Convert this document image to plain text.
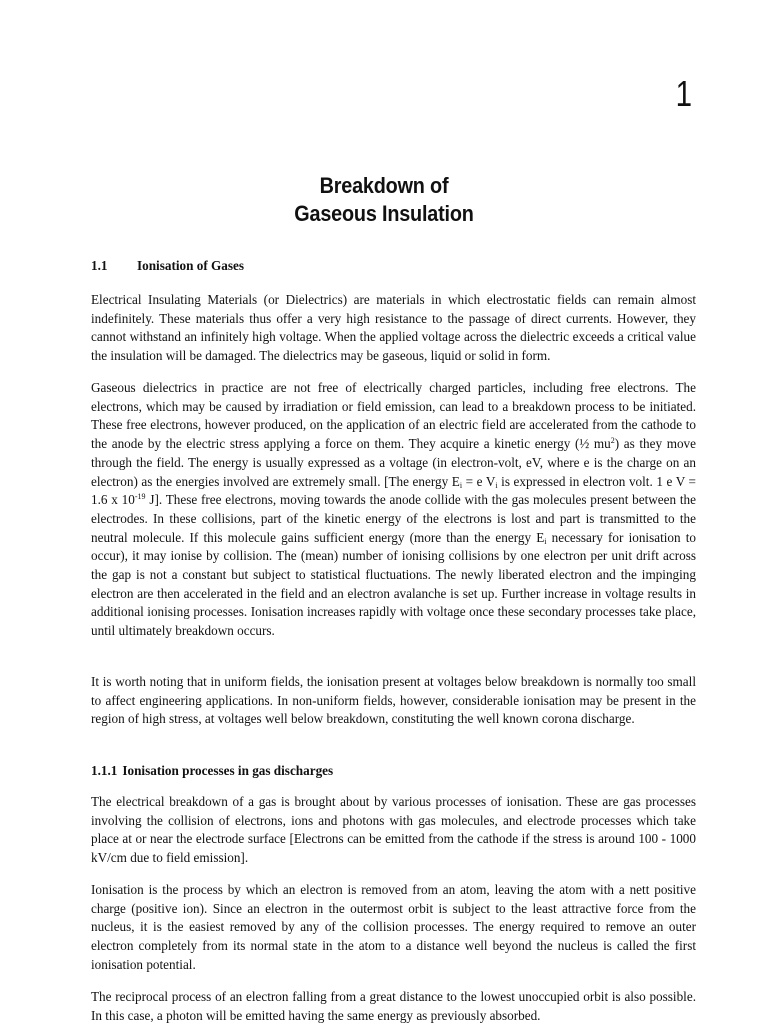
1
Breakdown of
Gaseous Insulation
1.1 Ionisation of Gases

Electrical Insulating Materials (or Dielectrics) are materials in which electrostatic fields can remain almost indefinitely. These materials thus offer a very high resistance to the passage of direct currents. However, they cannot withstand an infinitely high voltage. When the applied voltage across the dielectric exceeds a critical value the insulation will be damaged. The dielectrics may be gaseous, liquid or solid in form.

Gaseous dielectrics in practice are not free of electrically charged particles, including free electrons. The electrons, which may be caused by irradiation or field emission, can lead to a breakdown process to be initiated. These free electrons, however produced, on the application of an electric field are accelerated from the cathode to the anode by the electric stress applying a force on them. They acquire a kinetic energy (½ $mu^2$) as they move through the field. The energy is usually expressed as a voltage (in electron-volt, eV, where e is the charge on an electron) as the energies involved are extremely small. [The energy $E_i = e$ $V_i$ is expressed in electron volt. 1 e V = 1.6 x $10^{-19}$ J]. These free electrons, moving towards the anode collide with the gas molecules present between the electrodes. In these collisions, part of the kinetic energy of the electrons is lost and part is transmitted to the neutral molecule. If this molecule gains sufficient energy (more than the energy $E_i$ necessary for ionisation to occur), it may ionise by collision. The (mean) number of ionising collisions by one electron per unit drift across the gap is not a constant but subject to statistical fluctuations. The newly liberated electron and the impinging electron are then accelerated in the field and an electron avalanche is set up. Further increase in voltage results in additional ionising processes. Ionisation increases rapidly with voltage once these secondary processes take place, until ultimately breakdown occurs.

It is worth noting that in uniform fields, the ionisation present at voltages below breakdown is normally too small to affect engineering applications. In non-uniform fields, however, considerable ionisation may be present in the region of high stress, at voltages well below breakdown, constituting the well known corona discharge.

1.1.1 Ionisation processes in gas discharges

The electrical breakdown of a gas is brought about by various processes of ionisation. These are gas processes involving the collision of electrons, ions and photons with gas molecules, and electrode processes which take place at or near the electrode surface [Electrons can be emitted from the cathode if the stress is around 100 - 1000 kV/cm due to field emission].

Ionisation is the process by which an electron is removed from an atom, leaving the atom with a nett positive charge (positive ion). Since an electron in the outermost orbit is subject to the least attractive force from the nucleus, it is the easiest removed by any of the collision processes. The energy required to remove an outer electron completely from its normal state in the atom to a distance well beyond the nucleus is called the first ionisation potential.

The reciprocal process of an electron falling from a great distance to the lowest unoccupied orbit is also possible. In this case, a photon will be emitted having the same energy as previously absorbed.
